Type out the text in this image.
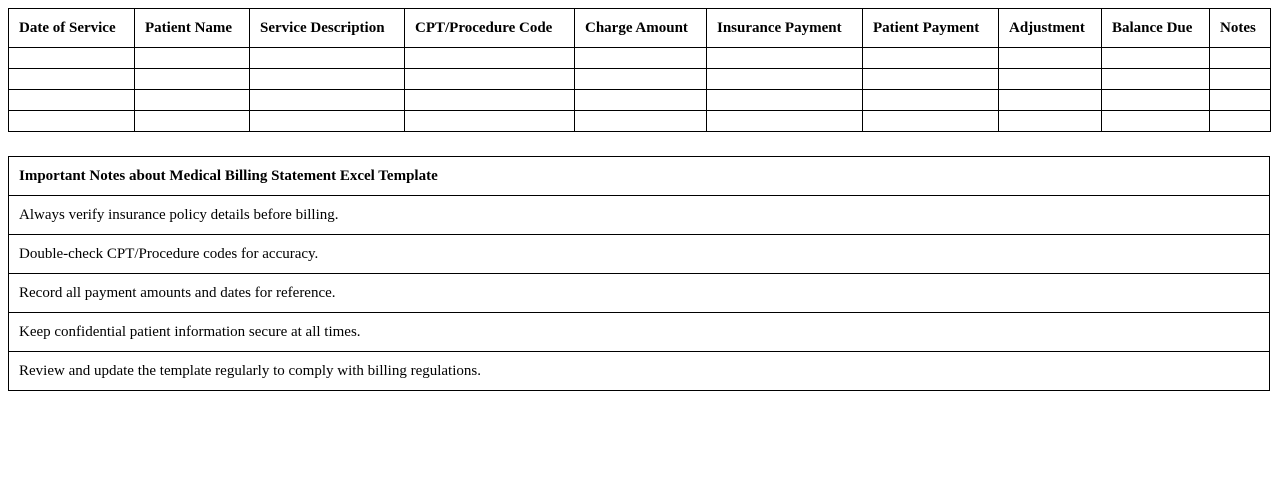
Date of Service	Patient Name	Service Description	CPT/Procedure Code	Charge Amount	Insurance Payment	Patient Payment	Adjustment	Balance Due	Notes

Important Notes about Medical Billing Statement Excel Template
Always verify insurance policy details before billing.
Double-check CPT/Procedure codes for accuracy.
Record all payment amounts and dates for reference.
Keep confidential patient information secure at all times.
Review and update the template regularly to comply with billing regulations.
